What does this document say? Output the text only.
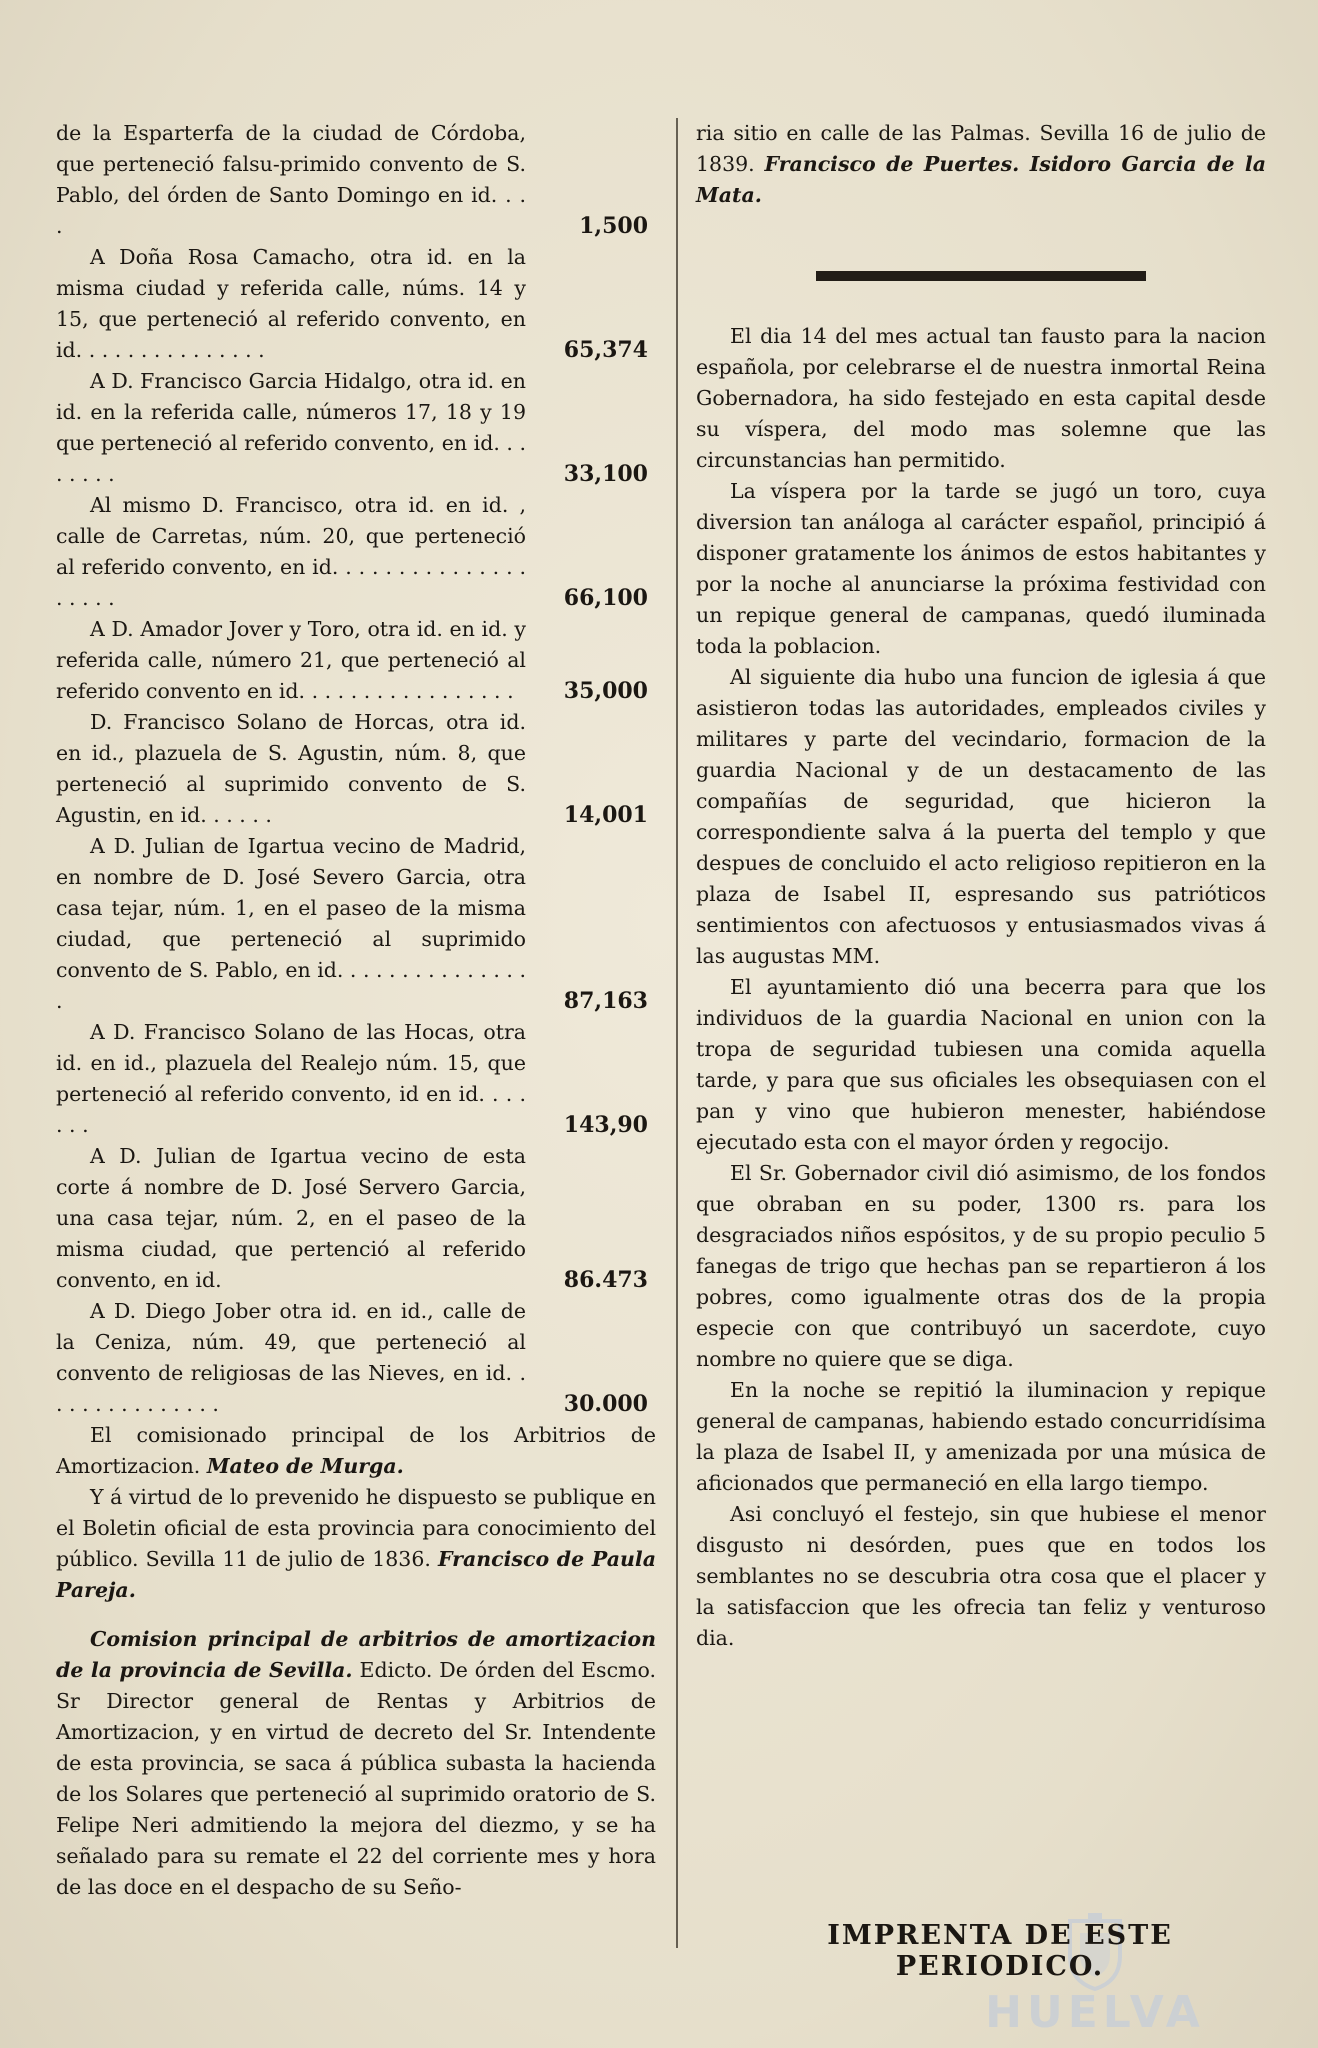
de la Esparterfa de la ciudad de Córdoba, que perteneció falsu-primido convento de S. Pablo, del órden de Santo Domingo en id. . . .	1,500
A Doña Rosa Camacho, otra id. en la misma ciudad y referida calle, núms. 14 y 15, que perteneció al referido convento, en id. . . . . . . . . . . . . . .	65,374
A D. Francisco Garcia Hidalgo, otra id. en id. en la referida calle, números 17, 18 y 19 que perteneció al referido convento, en id. . . . . . . .	33,100
Al mismo D. Francisco, otra id. en id. , calle de Carretas, núm. 20, que perteneció al referido convento, en id. . . . . . . . . . . . . . . . . . . .	66,100
A D. Amador Jover y Toro, otra id. en id. y referida calle, número 21, que perteneció al referido convento en id. . . . . . . . . . . . . . . . .	35,000
D. Francisco Solano de Horcas, otra id. en id., plazuela de S. Agustin, núm. 8, que perteneció al suprimido convento de S. Agustin, en id. . . . . .	14,001
A D. Julian de Igartua vecino de Madrid, en nombre de D. José Severo Garcia, otra casa tejar, núm. 1, en el paseo de la misma ciudad, que perteneció al suprimido convento de S. Pablo, en id. . . . . . . . . . . . . . . .	87,163
A D. Francisco Solano de las Hocas, otra id. en id., plazuela del Realejo núm. 15, que perteneció al referido convento, id en id. . . . . . .	143,90
A D. Julian de Igartua vecino de esta corte á nombre de D. José Servero Garcia, una casa tejar, núm. 2, en el paseo de la misma ciudad, que pertenció al referido convento, en id.	86.473
A D. Diego Jober otra id. en id., calle de la Ceniza, núm. 49, que perteneció al convento de religiosas de las Nieves, en id. . . . . . . . . . . . . . .	30.000
El comisionado principal de los Arbitrios de Amortizacion. Mateo de Murga.
Y á virtud de lo prevenido he dispuesto se publique en el Boletin oficial de esta provincia para conocimiento del público. Sevilla 11 de julio de 1836. Francisco de Paula Pareja.
Comision principal de arbitrios de amortizacion de la provincia de Sevilla. Edicto. De órden del Escmo. Sr Director general de Rentas y Arbitrios de Amortizacion, y en virtud de decreto del Sr. Intendente de esta provincia, se saca á pública subasta la hacienda de los Solares que perteneció al suprimido oratorio de S. Felipe Neri admitiendo la mejora del diezmo, y se ha señalado para su remate el 22 del corriente mes y hora de las doce en el despacho de su Seño-
ria sitio en calle de las Palmas. Sevilla 16 de julio de 1839. Francisco de Puertes. Isidoro Garcia de la Mata.
El dia 14 del mes actual tan fausto para la nacion española, por celebrarse el de nuestra inmortal Reina Gobernadora, ha sido festejado en esta capital desde su víspera, del modo mas solemne que las circunstancias han permitido.
La víspera por la tarde se jugó un toro, cuya diversion tan análoga al carácter español, principió á disponer gratamente los ánimos de estos habitantes y por la noche al anunciarse la próxima festividad con un repique general de campanas, quedó iluminada toda la poblacion.
Al siguiente dia hubo una funcion de iglesia á que asistieron todas las autoridades, empleados civiles y militares y parte del vecindario, formacion de la guardia Nacional y de un destacamento de las compañías de seguridad, que hicieron la correspondiente salva á la puerta del templo y que despues de concluido el acto religioso repitieron en la plaza de Isabel II, espresando sus patrióticos sentimientos con afectuosos y entusiasmados vivas á las augustas MM.
El ayuntamiento dió una becerra para que los individuos de la guardia Nacional en union con la tropa de seguridad tubiesen una comida aquella tarde, y para que sus oficiales les obsequiasen con el pan y vino que hubieron menester, habiéndose ejecutado esta con el mayor órden y regocijo.
El Sr. Gobernador civil dió asimismo, de los fondos que obraban en su poder, 1300 rs. para los desgraciados niños espósitos, y de su propio peculio 5 fanegas de trigo que hechas pan se repartieron á los pobres, como igualmente otras dos de la propia especie con que contribuyó un sacerdote, cuyo nombre no quiere que se diga.
En la noche se repitió la iluminacion y repique general de campanas, habiendo estado concurridísima la plaza de Isabel II, y amenizada por una música de aficionados que permaneció en ella largo tiempo.
Asi concluyó el festejo, sin que hubiese el menor disgusto ni desórden, pues que en todos los semblantes no se descubria otra cosa que el placer y la satisfaccion que les ofrecia tan feliz y venturoso dia.
HUELVA
IMPRENTA DE ESTE PERIODICO.
